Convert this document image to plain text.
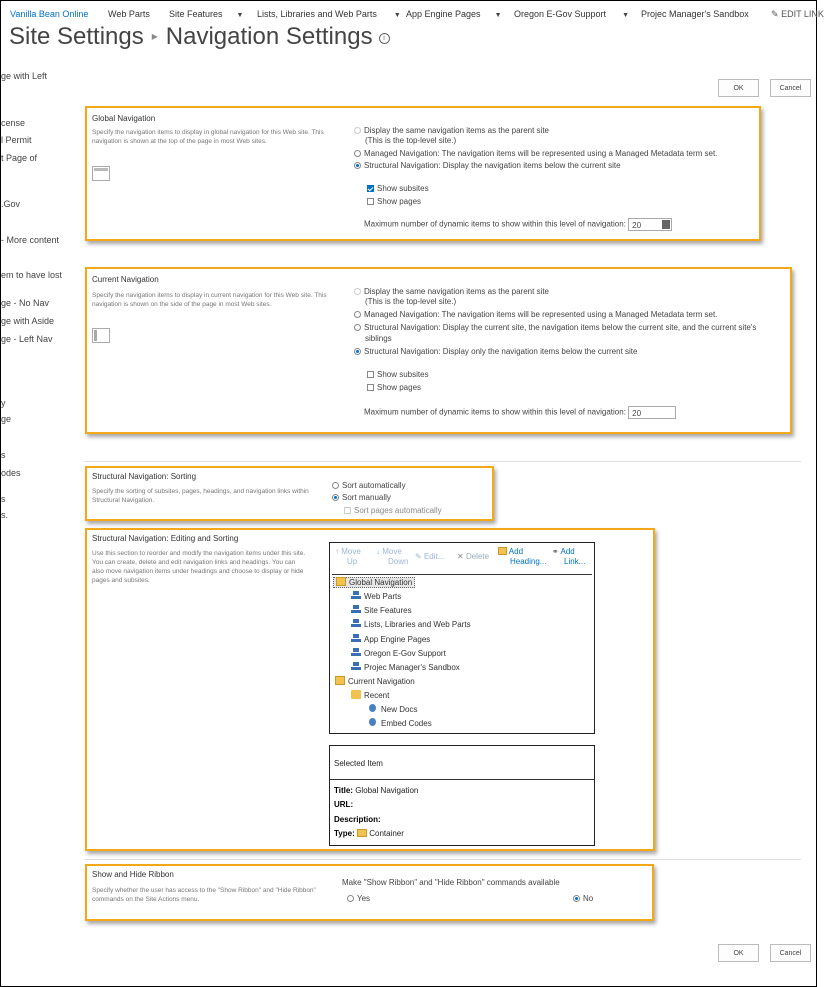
Vanilla Bean Online Web Parts Site Features ▼ Lists, Libraries and Web Parts ▼ App Engine Pages ▼ Oregon E-Gov Support ▼ Projec Manager's Sandbox ✎ EDIT LINK
Site Settings ▸ Navigation Settings i
ge with Left
cense
l Permit
t Page of
.Gov
- More content
em to have lost
ge - No Nav
ge with Aside
ge - Left Nav
y
ge
s
odes
s
s.
OK	Cancel
Global Navigation
Specify the navigation items to display in global navigation for this Web site. This navigation is shown at the top of the page in most Web sites.
Display the same navigation items as the parent site
(This is the top-level site.)
Managed Navigation: The navigation items will be represented using a Managed Metadata term set.
Structural Navigation: Display the navigation items below the current site
Show subsites
Show pages
Maximum number of dynamic items to show within this level of navigation: 20
Current Navigation
Specify the navigation items to display in current navigation for this Web site. This navigation is shown on the side of the page in most Web sites.
Display the same navigation items as the parent site
(This is the top-level site.)
Managed Navigation: The navigation items will be represented using a Managed Metadata term set.
Structural Navigation: Display the current site, the navigation items below the current site, and the current site's
siblings
Structural Navigation: Display only the navigation items below the current site
Show subsites
Show pages
Maximum number of dynamic items to show within this level of navigation: 20
Structural Navigation: Sorting
Specify the sorting of subsites, pages, headings, and navigation links within Structural Navigation.
Sort automatically
Sort manually
Sort pages automatically
Structural Navigation: Editing and Sorting
Use this section to reorder and modify the navigation items under this site. You can create, delete and edit navigation links and headings. You can also move navigation items under headings and choose to display or hide pages and subsites.
↑ Move
Up
↓ Move
Down
✎ Edit... ✕ Delete
Add
Heading...
⚭ Add
Link...
Global Navigation
Web Parts
Site Features
Lists, Libraries and Web Parts
App Engine Pages
Oregon E-Gov Support
Projec Manager's Sandbox
Current Navigation
Recent
New Docs
Embed Codes
Selected Item
Title: Global Navigation
URL:
Description:
Type: Container
Show and Hide Ribbon
Specify whether the user has access to the "Show Ribbon" and "Hide Ribbon" commands on the Site Actions menu.
Make "Show Ribbon" and "Hide Ribbon" commands available
Yes	No
OK	Cancel
